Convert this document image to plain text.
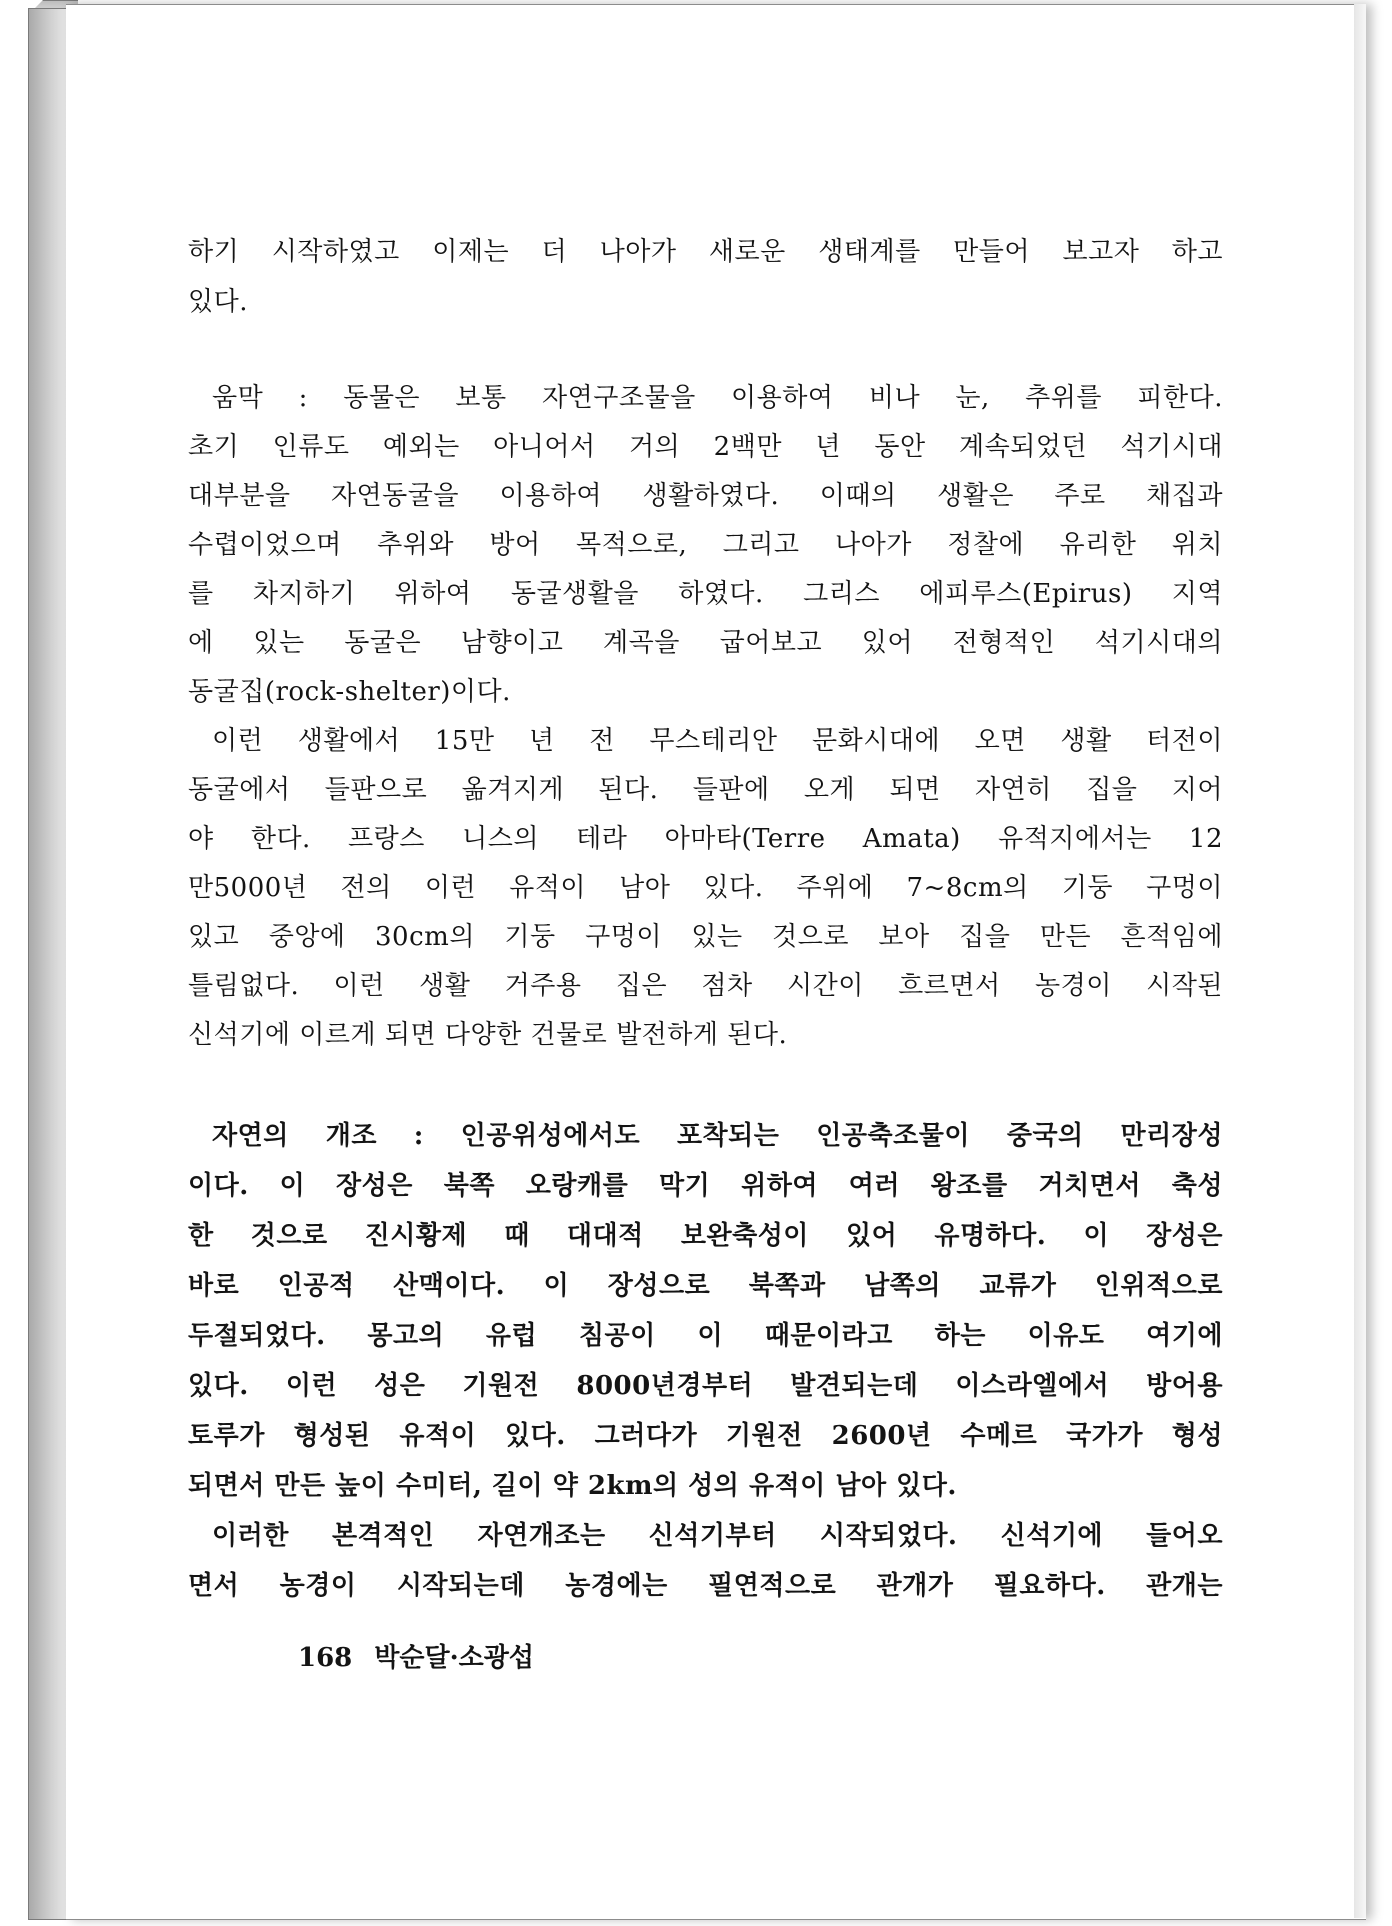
하기 시작하였고 이제는 더 나아가 새로운 생태계를 만들어 보고자 하고
있다.
움막 : 동물은 보통 자연구조물을 이용하여 비나 눈, 추위를 피한다.
초기 인류도 예외는 아니어서 거의 2백만 년 동안 계속되었던 석기시대
대부분을 자연동굴을 이용하여 생활하였다. 이때의 생활은 주로 채집과
수렵이었으며 추위와 방어 목적으로, 그리고 나아가 정찰에 유리한 위치
를 차지하기 위하여 동굴생활을 하였다. 그리스 에피루스(Epirus) 지역
에 있는 동굴은 남향이고 계곡을 굽어보고 있어 전형적인 석기시대의
동굴집(rock-shelter)이다.
이런 생활에서 15만 년 전 무스테리안 문화시대에 오면 생활 터전이
동굴에서 들판으로 옮겨지게 된다. 들판에 오게 되면 자연히 집을 지어
야 한다. 프랑스 니스의 테라 아마타(Terre Amata) 유적지에서는 12
만5000년 전의 이런 유적이 남아 있다. 주위에 7~8cm의 기둥 구멍이
있고 중앙에 30cm의 기둥 구멍이 있는 것으로 보아 집을 만든 흔적임에
틀림없다. 이런 생활 거주용 집은 점차 시간이 흐르면서 농경이 시작된
신석기에 이르게 되면 다양한 건물로 발전하게 된다.
자연의 개조 : 인공위성에서도 포착되는 인공축조물이 중국의 만리장성
이다. 이 장성은 북쪽 오랑캐를 막기 위하여 여러 왕조를 거치면서 축성
한 것으로 진시황제 때 대대적 보완축성이 있어 유명하다. 이 장성은
바로 인공적 산맥이다. 이 장성으로 북쪽과 남쪽의 교류가 인위적으로
두절되었다. 몽고의 유럽 침공이 이 때문이라고 하는 이유도 여기에
있다. 이런 성은 기원전 8000년경부터 발견되는데 이스라엘에서 방어용
토루가 형성된 유적이 있다. 그러다가 기원전 2600년 수메르 국가가 형성
되면서 만든 높이 수미터, 길이 약 2km의 성의 유적이 남아 있다.
이러한 본격적인 자연개조는 신석기부터 시작되었다. 신석기에 들어오
면서 농경이 시작되는데 농경에는 필연적으로 관개가 필요하다. 관개는
168 박순달·소광섭
